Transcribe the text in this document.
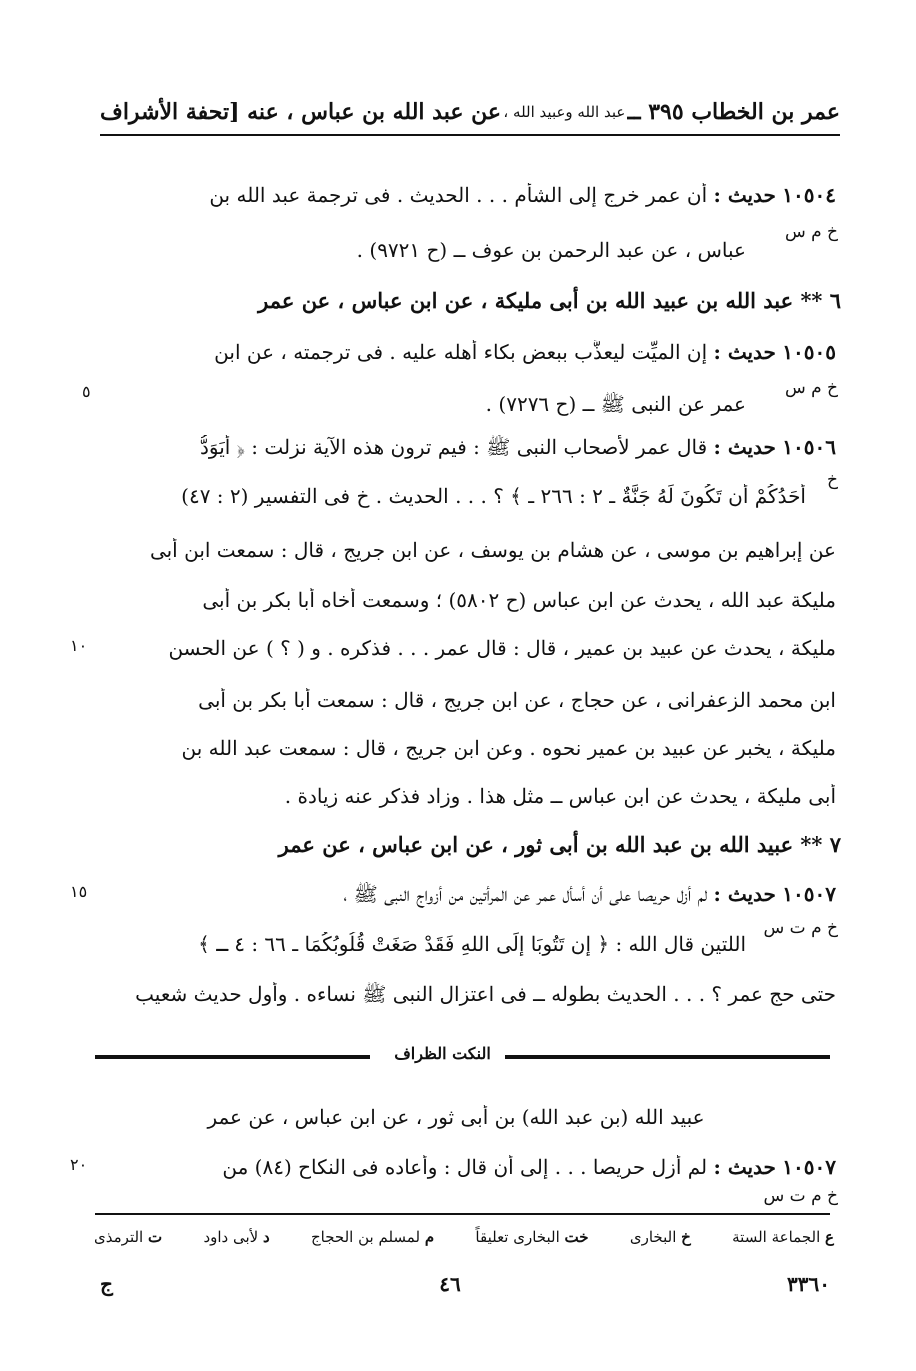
عمر بن الخطاب ٣٩٥ ــ
عبد الله وعبيد الله ،
عن عبد الله بن عباس ، عنه [تحفة الأشراف
١٠٥٠٤ حديث : أن عمر خرج إلى الشأم . . . الحديث . فى ترجمة عبد الله بن
خ م س
عباس ، عن عبد الرحمن بن عوف ــ (ح ٩٧٢١) .
٦ ** عبد الله بن عبيد الله بن أبى مليكة ، عن ابن عباس ، عن عمر
١٠٥٠٥ حديث : إن الميِّت ليعذَّب ببعض بكاء أهله عليه . فى ترجمته ، عن ابن
خ م س
عمر عن النبى ﷺ ــ (ح ٧٢٧٦) .
٥
١٠٥٠٦ حديث : قال عمر لأصحاب النبى ﷺ : فيم ترون هذه الآية نزلت : ﴿ أَيَوَدُّ
خ
أَحَدُكُمْ أَن تَكُونَ لَهُ جَنَّةٌ ـ ٢ : ٢٦٦ ـ ﴾ ؟ . . . الحديث . خ فى التفسير (٢ : ٤٧)
عن إبراهيم بن موسى ، عن هشام بن يوسف ، عن ابن جريج ، قال : سمعت ابن أبى
مليكة عبد الله ، يحدث عن ابن عباس (ح ٥٨٠٢) ؛ وسمعت أخاه أبا بكر بن أبى
مليكة ، يحدث عن عبيد بن عمير ، قال : قال عمر . . . فذكره . و ( ؟ ) عن الحسن
١٠
ابن محمد الزعفرانى ، عن حجاج ، عن ابن جريج ، قال : سمعت أبا بكر بن أبى
مليكة ، يخبر عن عبيد بن عمير نحوه . وعن ابن جريج ، قال : سمعت عبد الله بن
أبى مليكة ، يحدث عن ابن عباس ــ مثل هذا . وزاد فذكر عنه زيادة .
٧ ** عبيد الله بن عبد الله بن أبى ثور ، عن ابن عباس ، عن عمر
١٠٥٠٧ حديث : لم أزل حريصا على أن أسأل عمر عن المرأتين من أزواج النبى ﷺ ،
١٥
خ م ت س
اللتين قال الله : ﴿ إِن تَتُوبَا إِلَى اللهِ فَقَدْ صَغَتْ قُلُوبُكُمَا ـ ٦٦ : ٤ ـ ﴾
حتى حج عمر ؟ . . . الحديث بطوله ــ فى اعتزال النبى ﷺ نساءه . وأول حديث شعيب
النكت الظراف
عبيد الله (بن عبد الله) بن أبى ثور ، عن ابن عباس ، عن عمر
١٠٥٠٧ حديث : لم أزل حريصا . . . إلى أن قال : وأعاده فى النكاح (٨٤) من
٢٠
خ م ت س
ع الجماعة الستة
خ البخارى
خت البخارى تعليقاً
م لمسلم بن الحجاج
د لأبى داود
ت الترمذى
٣٣٦٠
٤٦
ج
